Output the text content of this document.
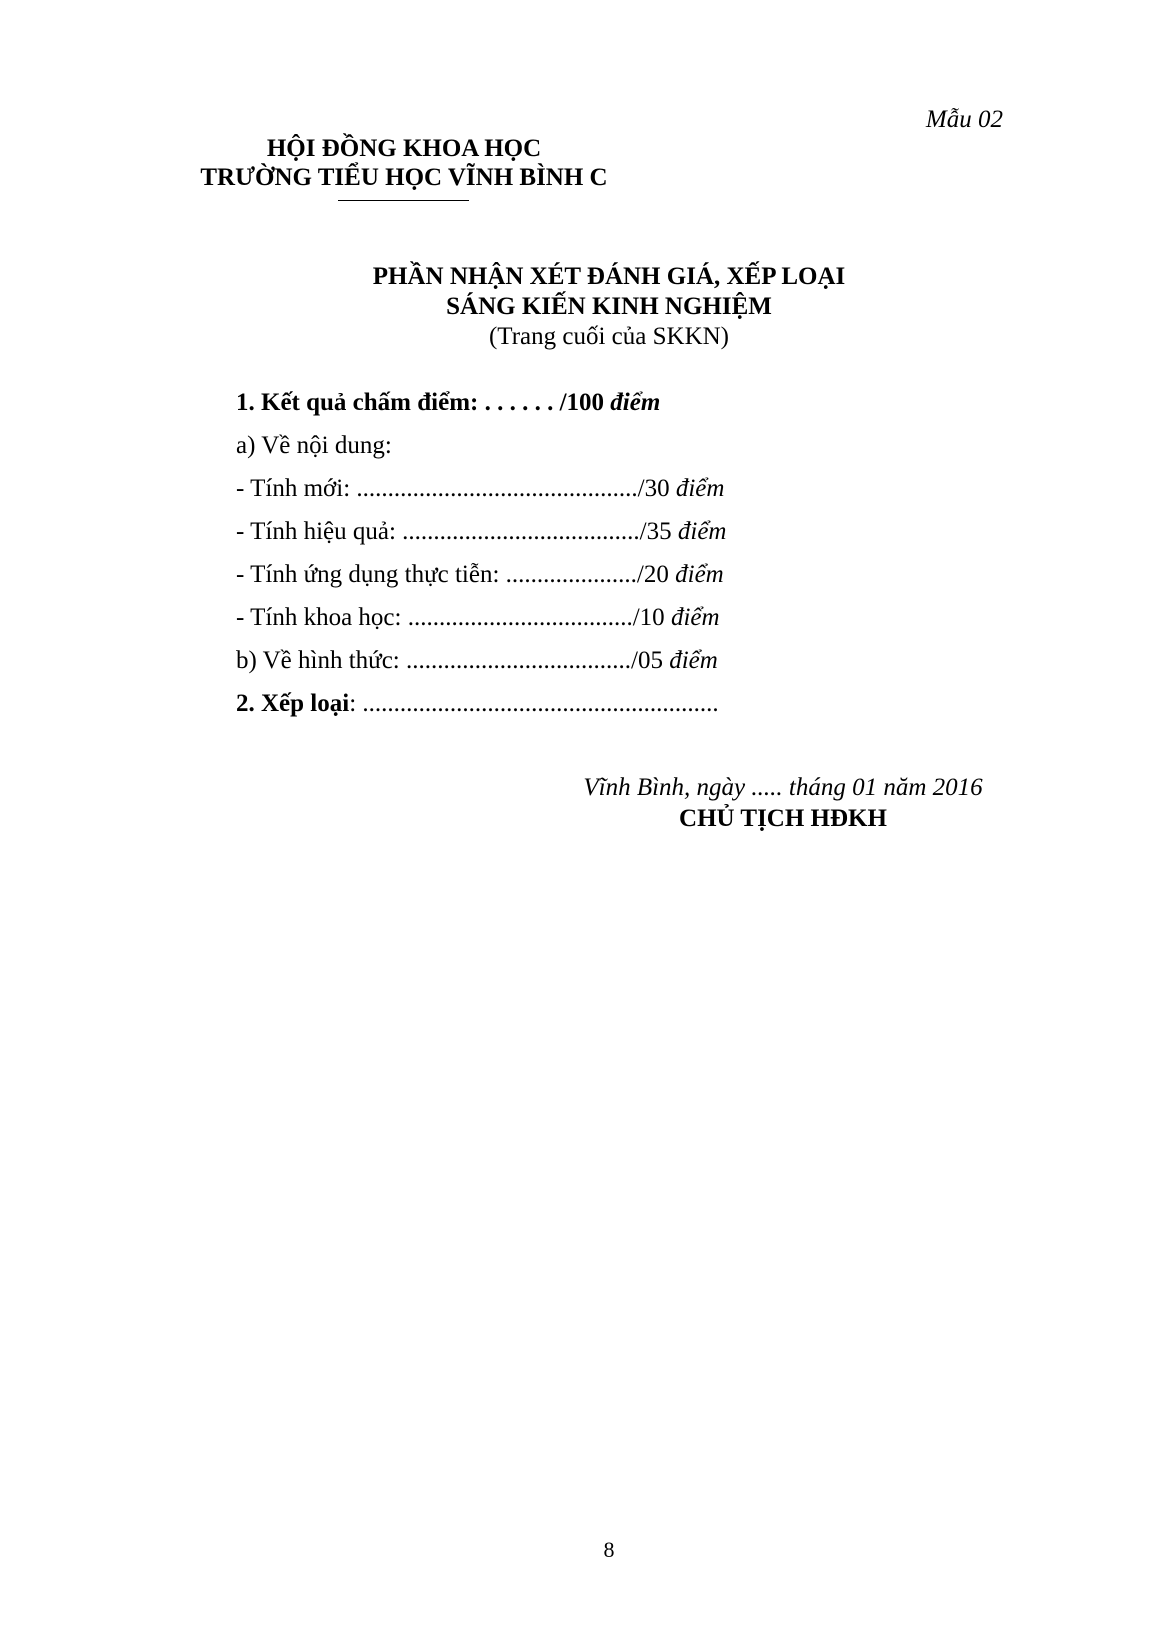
Mẫu 02
HỘI ĐỒNG KHOA HỌC
TRƯỜNG TIỂU HỌC VĨNH BÌNH C
PHẦN NHẬN XÉT ĐÁNH GIÁ, XẾP LOẠI
SÁNG KIẾN KINH NGHIỆM
(Trang cuối của SKKN)
1. Kết quả chấm điểm: . . . . . . /100 điểm
a) Về nội dung:
- Tính mới: ............................................./30 điểm
- Tính hiệu quả: ....................................../35 điểm
- Tính ứng dụng thực tiễn: ...................../20 điểm
- Tính khoa học: ..................................../10 điểm
b) Về hình thức: ..................................../05 điểm
2. Xếp loại: .........................................................
Vĩnh Bình, ngày ..... tháng 01 năm 2016
CHỦ TỊCH HĐKH
8
